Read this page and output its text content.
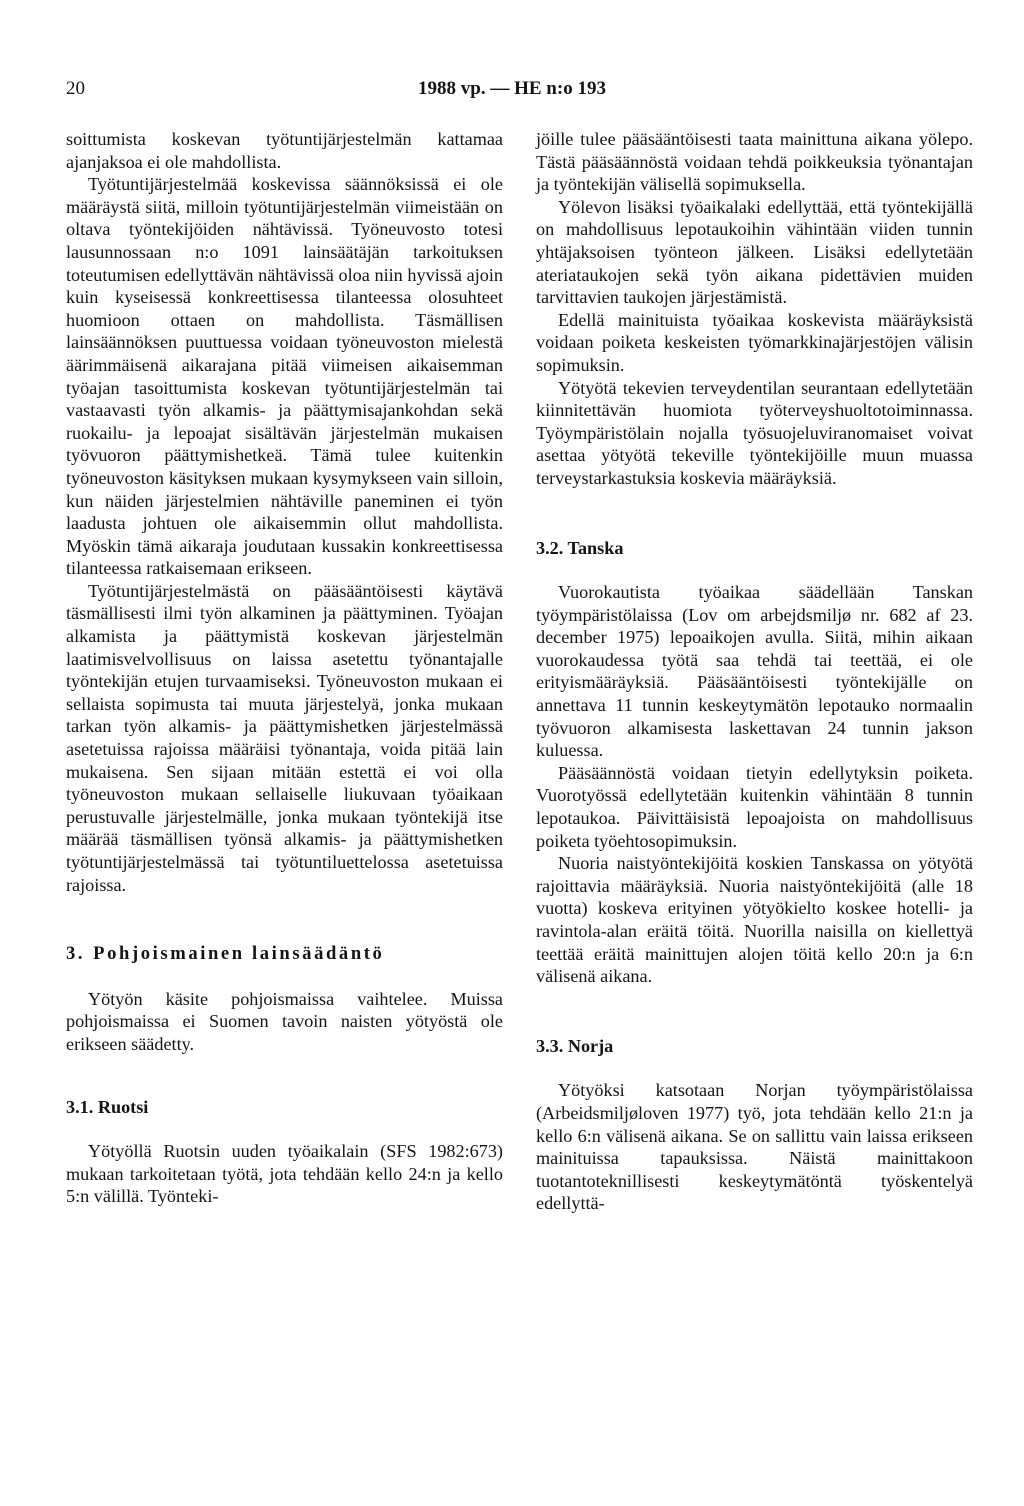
20	1988 vp. — HE n:o 193

soittumista koskevan työtuntijärjestelmän kattamaa ajanjaksoa ei ole mahdollista.

Työtuntijärjestelmää koskevissa säännöksissä ei ole määräystä siitä, milloin työtuntijärjestelmän viimeistään on oltava työntekijöiden nähtävissä. Työneuvosto totesi lausunnossaan n:o 1091 lainsäätäjän tarkoituksen toteutumisen edellyttävän nähtävissä oloa niin hyvissä ajoin kuin kyseisessä konkreettisessa tilanteessa olosuhteet huomioon ottaen on mahdollista. Täsmällisen lainsäännöksen puuttuessa voidaan työneuvoston mielestä äärimmäisenä aikarajana pitää viimeisen aikaisemman työajan tasoittumista koskevan työtuntijärjestelmän tai vastaavasti työn alkamis- ja päättymisajankohdan sekä ruokailu- ja lepoajat sisältävän järjestelmän mukaisen työvuoron päättymishetkeä. Tämä tulee kuitenkin työneuvoston käsityksen mukaan kysymykseen vain silloin, kun näiden järjestelmien nähtäville paneminen ei työn laadusta johtuen ole aikaisemmin ollut mahdollista. Myöskin tämä aikaraja joudutaan kussakin konkreettisessa tilanteessa ratkaisemaan erikseen.

Työtuntijärjestelmästä on pääsääntöisesti käytävä täsmällisesti ilmi työn alkaminen ja päättyminen. Työajan alkamista ja päättymistä koskevan järjestelmän laatimisvelvollisuus on laissa asetettu työnantajalle työntekijän etujen turvaamiseksi. Työneuvoston mukaan ei sellaista sopimusta tai muuta järjestelyä, jonka mukaan tarkan työn alkamis- ja päättymishetken järjestelmässä asetetuissa rajoissa määräisi työnantaja, voida pitää lain mukaisena. Sen sijaan mitään estettä ei voi olla työneuvoston mukaan sellaiselle liukuvaan työaikaan perustuvalle järjestelmälle, jonka mukaan työntekijä itse määrää täsmällisen työnsä alkamis- ja päättymishetken työtuntijärjestelmässä tai työtuntiluettelossa asetetuissa rajoissa.

3. Pohjoismainen lainsäädäntö

Yötyön käsite pohjoismaissa vaihtelee. Muissa pohjoismaissa ei Suomen tavoin naisten yötyöstä ole erikseen säädetty.

3.1. Ruotsi

Yötyöllä Ruotsin uuden työaikalain (SFS 1982:673) mukaan tarkoitetaan työtä, jota tehdään kello 24:n ja kello 5:n välillä. Työnteki-

jöille tulee pääsääntöisesti taata mainittuna aikana yölepo. Tästä pääsäännöstä voidaan tehdä poikkeuksia työnantajan ja työntekijän välisellä sopimuksella.

Yölevon lisäksi työaikalaki edellyttää, että työntekijällä on mahdollisuus lepotaukoihin vähintään viiden tunnin yhtäjaksoisen työnteon jälkeen. Lisäksi edellytetään ateriataukojen sekä työn aikana pidettävien muiden tarvittavien taukojen järjestämistä.

Edellä mainituista työaikaa koskevista määräyksistä voidaan poiketa keskeisten työmarkkinajärjestöjen välisin sopimuksin.

Yötyötä tekevien terveydentilan seurantaan edellytetään kiinnitettävän huomiota työterveyshuoltotoiminnassa. Työympäristölain nojalla työsuojeluviranomaiset voivat asettaa yötyötä tekeville työntekijöille muun muassa terveystarkastuksia koskevia määräyksiä.

3.2. Tanska

Vuorokautista työaikaa säädellään Tanskan työympäristölaissa (Lov om arbejdsmiljø nr. 682 af 23. december 1975) lepoaikojen avulla. Siitä, mihin aikaan vuorokaudessa työtä saa tehdä tai teettää, ei ole erityismääräyksiä. Pääsääntöisesti työntekijälle on annettava 11 tunnin keskeytymätön lepotauko normaalin työvuoron alkamisesta laskettavan 24 tunnin jakson kuluessa.

Pääsäännöstä voidaan tietyin edellytyksin poiketa. Vuorotyössä edellytetään kuitenkin vähintään 8 tunnin lepotaukoa. Päivittäisistä lepoajoista on mahdollisuus poiketa työehtosopimuksin.

Nuoria naistyöntekijöitä koskien Tanskassa on yötyötä rajoittavia määräyksiä. Nuoria naistyöntekijöitä (alle 18 vuotta) koskeva erityinen yötyökielto koskee hotelli- ja ravintola-alan eräitä töitä. Nuorilla naisilla on kiellettyä teettää eräitä mainittujen alojen töitä kello 20:n ja 6:n välisenä aikana.

3.3. Norja

Yötyöksi katsotaan Norjan työympäristölaissa (Arbeidsmiljøloven 1977) työ, jota tehdään kello 21:n ja kello 6:n välisenä aikana. Se on sallittu vain laissa erikseen mainituissa tapauksissa. Näistä mainittakoon tuotantoteknillisesti keskeytymätöntä työskentelyä edellyttä-
